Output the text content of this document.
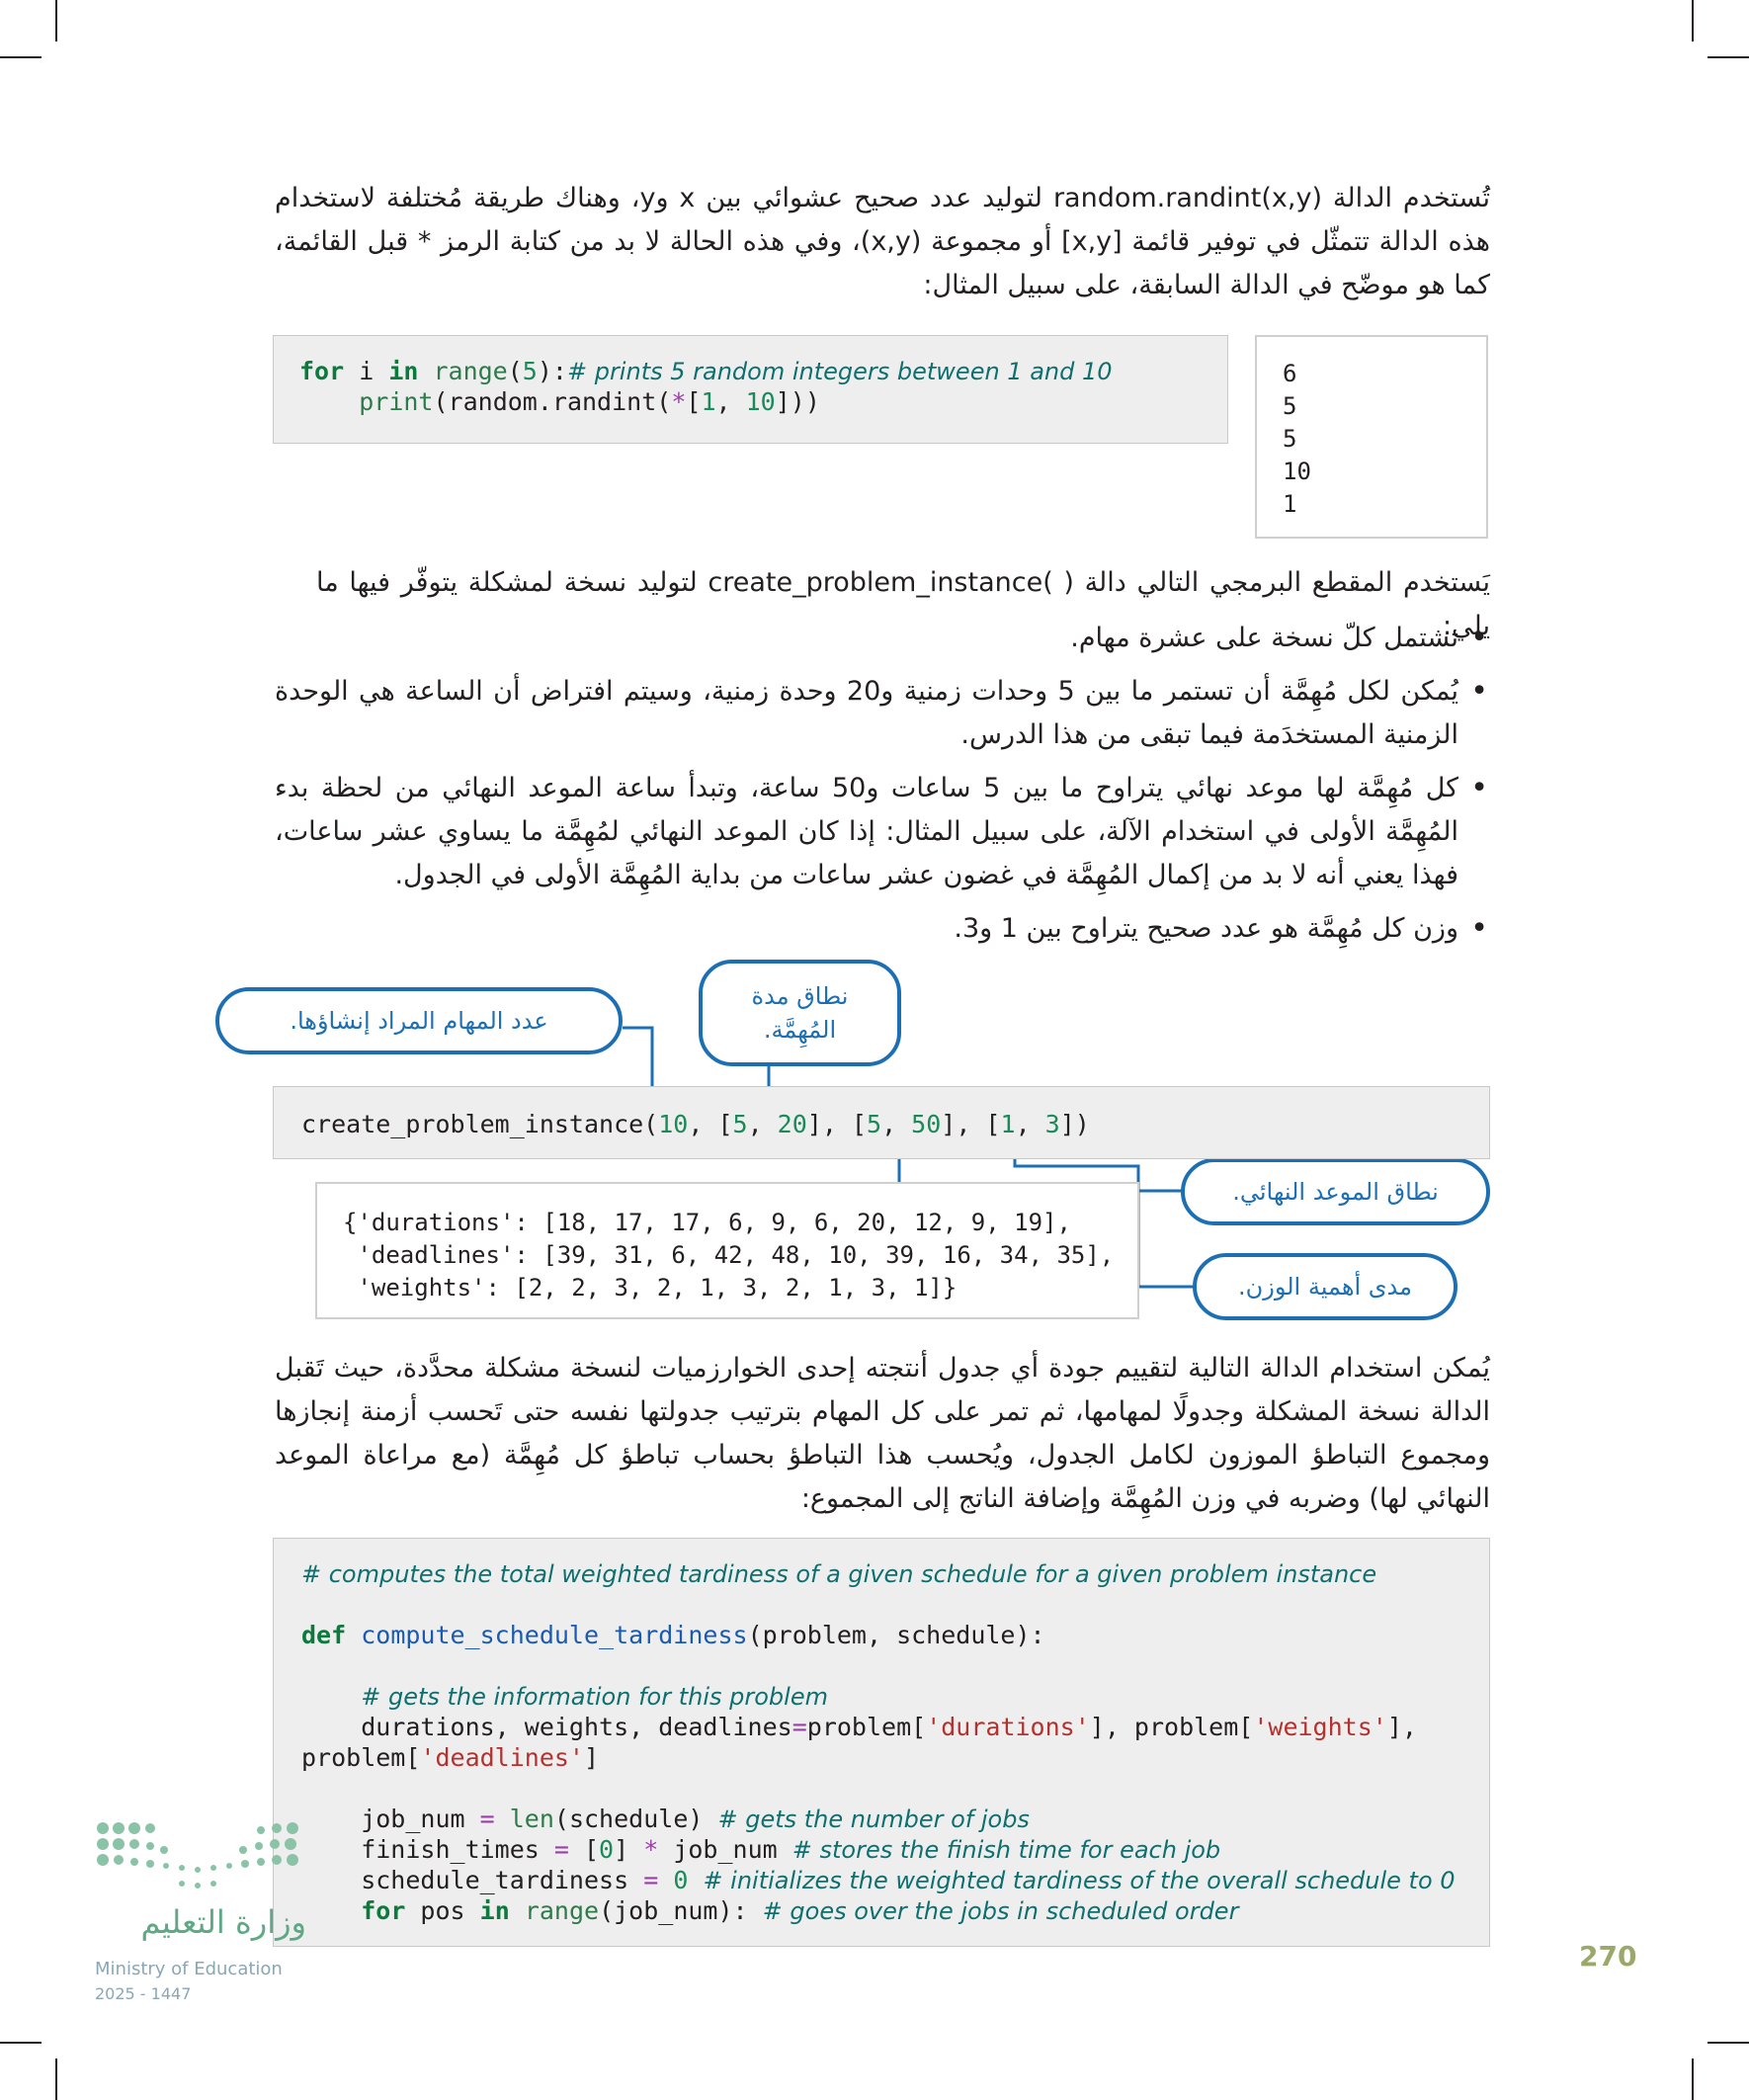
تُستخدم الدالة (random.randint(x,y لتوليد عدد صحيح عشوائي بين x وy، وهناك طريقة مُختلفة لاستخدام هذه الدالة تتمثّل في توفير قائمة [x,y] أو مجموعة (x,y)، وفي هذه الحالة لا بد من كتابة الرمز * قبل القائمة، كما هو موضّح في الدالة السابقة، على سبيل المثال:

for i in range(5):# prints 5 random integers between 1 and 10
print(random.randint(*[1, 10]))
6
5
5
10
1

يَستخدم المقطع البرمجي التالي دالة ( )create_problem_instance لتوليد نسخة لمشكلة يتوفّر فيها ما يلي:

• تشتمل كلّ نسخة على عشرة مهام.
• يُمكن لكل مُهِمَّة أن تستمر ما بين 5 وحدات زمنية و20 وحدة زمنية، وسيتم افتراض أن الساعة هي الوحدة الزمنية المستخدَمة فيما تبقى من هذا الدرس.
• كل مُهِمَّة لها موعد نهائي يتراوح ما بين 5 ساعات و50 ساعة، وتبدأ ساعة الموعد النهائي من لحظة بدء المُهِمَّة الأولى في استخدام الآلة، على سبيل المثال: إذا كان الموعد النهائي لمُهِمَّة ما يساوي عشر ساعات، فهذا يعني أنه لا بد من إكمال المُهِمَّة في غضون عشر ساعات من بداية المُهِمَّة الأولى في الجدول.
• وزن كل مُهِمَّة هو عدد صحيح يتراوح بين 1 و3.
عدد المهام المراد إنشاؤها.
نطاق مدة
المُهِمَّة.
نطاق الموعد النهائي.
مدى أهمية الوزن.
create_problem_instance(10, [5, 20], [5, 50], [1, 3])
{'durations': [18, 17, 17, 6, 9, 6, 20, 12, 9, 19],
'deadlines': [39, 31, 6, 42, 48, 10, 39, 16, 34, 35],
'weights': [2, 2, 3, 2, 1, 3, 2, 1, 3, 1]}

يُمكن استخدام الدالة التالية لتقييم جودة أي جدول أنتجته إحدى الخوارزميات لنسخة مشكلة محدَّدة، حيث تَقبل الدالة نسخة المشكلة وجدولًا لمهامها، ثم تمر على كل المهام بترتيب جدولتها نفسه حتى تَحسب أزمنة إنجازها ومجموع التباطؤ الموزون لكامل الجدول، ويُحسب هذا التباطؤ بحساب تباطؤ كل مُهِمَّة (مع مراعاة الموعد النهائي لها) وضربه في وزن المُهِمَّة وإضافة الناتج إلى المجموع:

# computes the total weighted tardiness of a given schedule for a given problem instance
def compute_schedule_tardiness(problem, schedule):
# gets the information for this problem
durations, weights, deadlines=problem['durations'], problem['weights'],
problem['deadlines']
job_num = len(schedule) # gets the number of jobs
finish_times = [0] * job_num # stores the finish time for each job
schedule_tardiness = 0 # initializes the weighted tardiness of the overall schedule to 0
for pos in range(job_num): # goes over the jobs in scheduled order
وزارة التعليم
Ministry of Education
2025 - 1447
270
